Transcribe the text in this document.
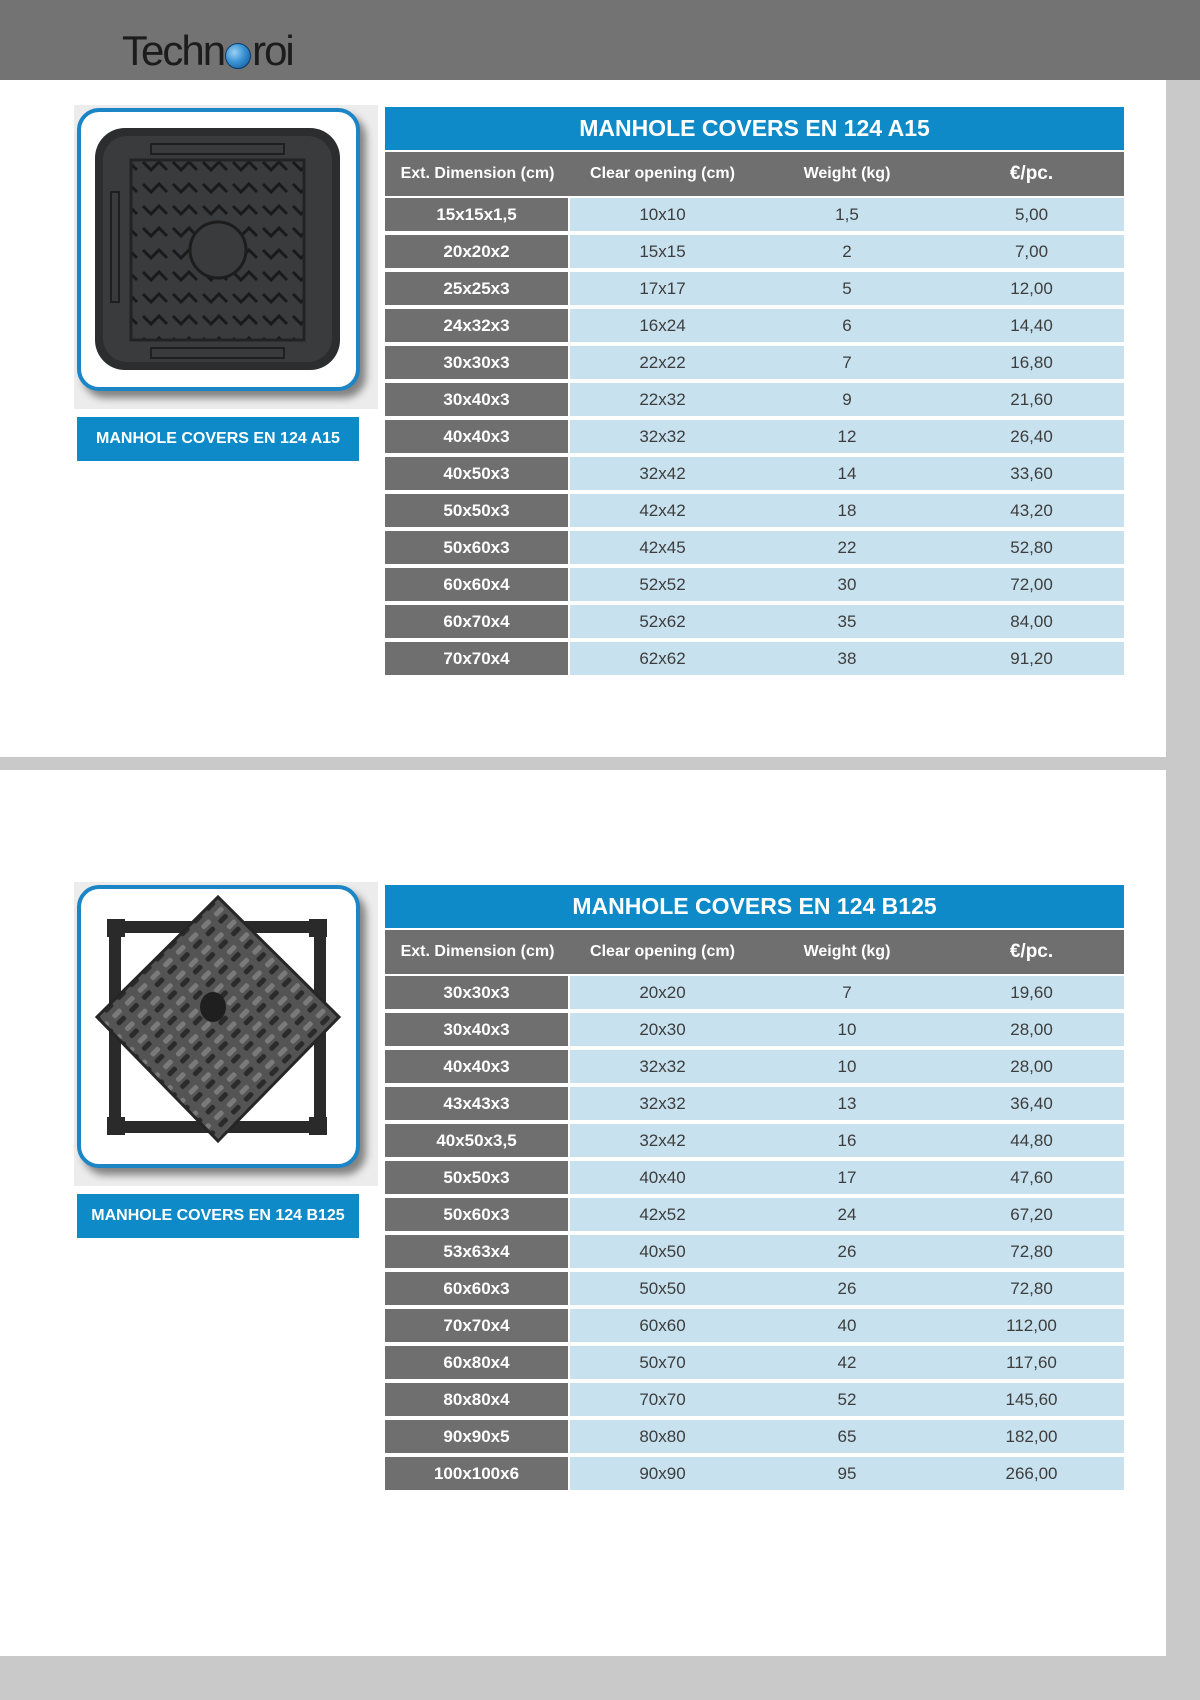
Techn roi
MANHOLE COVERS EN 124 A15
MANHOLE COVERS EN 124 A15			
Ext. Dimension (cm)	Clear opening (cm)	Weight (kg)	€/pc.
15x15x1,5	10x10	1,5	5,00
20x20x2	15x15	2	7,00
25x25x3	17x17	5	12,00
24x32x3	16x24	6	14,40
30x30x3	22x22	7	16,80
30x40x3	22x32	9	21,60
40x40x3	32x32	12	26,40
40x50x3	32x42	14	33,60
50x50x3	42x42	18	43,20
50x60x3	42x45	22	52,80
60x60x4	52x52	30	72,00
60x70x4	52x62	35	84,00
70x70x4	62x62	38	91,20
MANHOLE COVERS EN 124 B125
MANHOLE COVERS EN 124 B125			
Ext. Dimension (cm)	Clear opening (cm)	Weight (kg)	€/pc.
30x30x3	20x20	7	19,60
30x40x3	20x30	10	28,00
40x40x3	32x32	10	28,00
43x43x3	32x32	13	36,40
40x50x3,5	32x42	16	44,80
50x50x3	40x40	17	47,60
50x60x3	42x52	24	67,20
53x63x4	40x50	26	72,80
60x60x3	50x50	26	72,80
70x70x4	60x60	40	112,00
60x80x4	50x70	42	117,60
80x80x4	70x70	52	145,60
90x90x5	80x80	65	182,00
100x100x6	90x90	95	266,00
